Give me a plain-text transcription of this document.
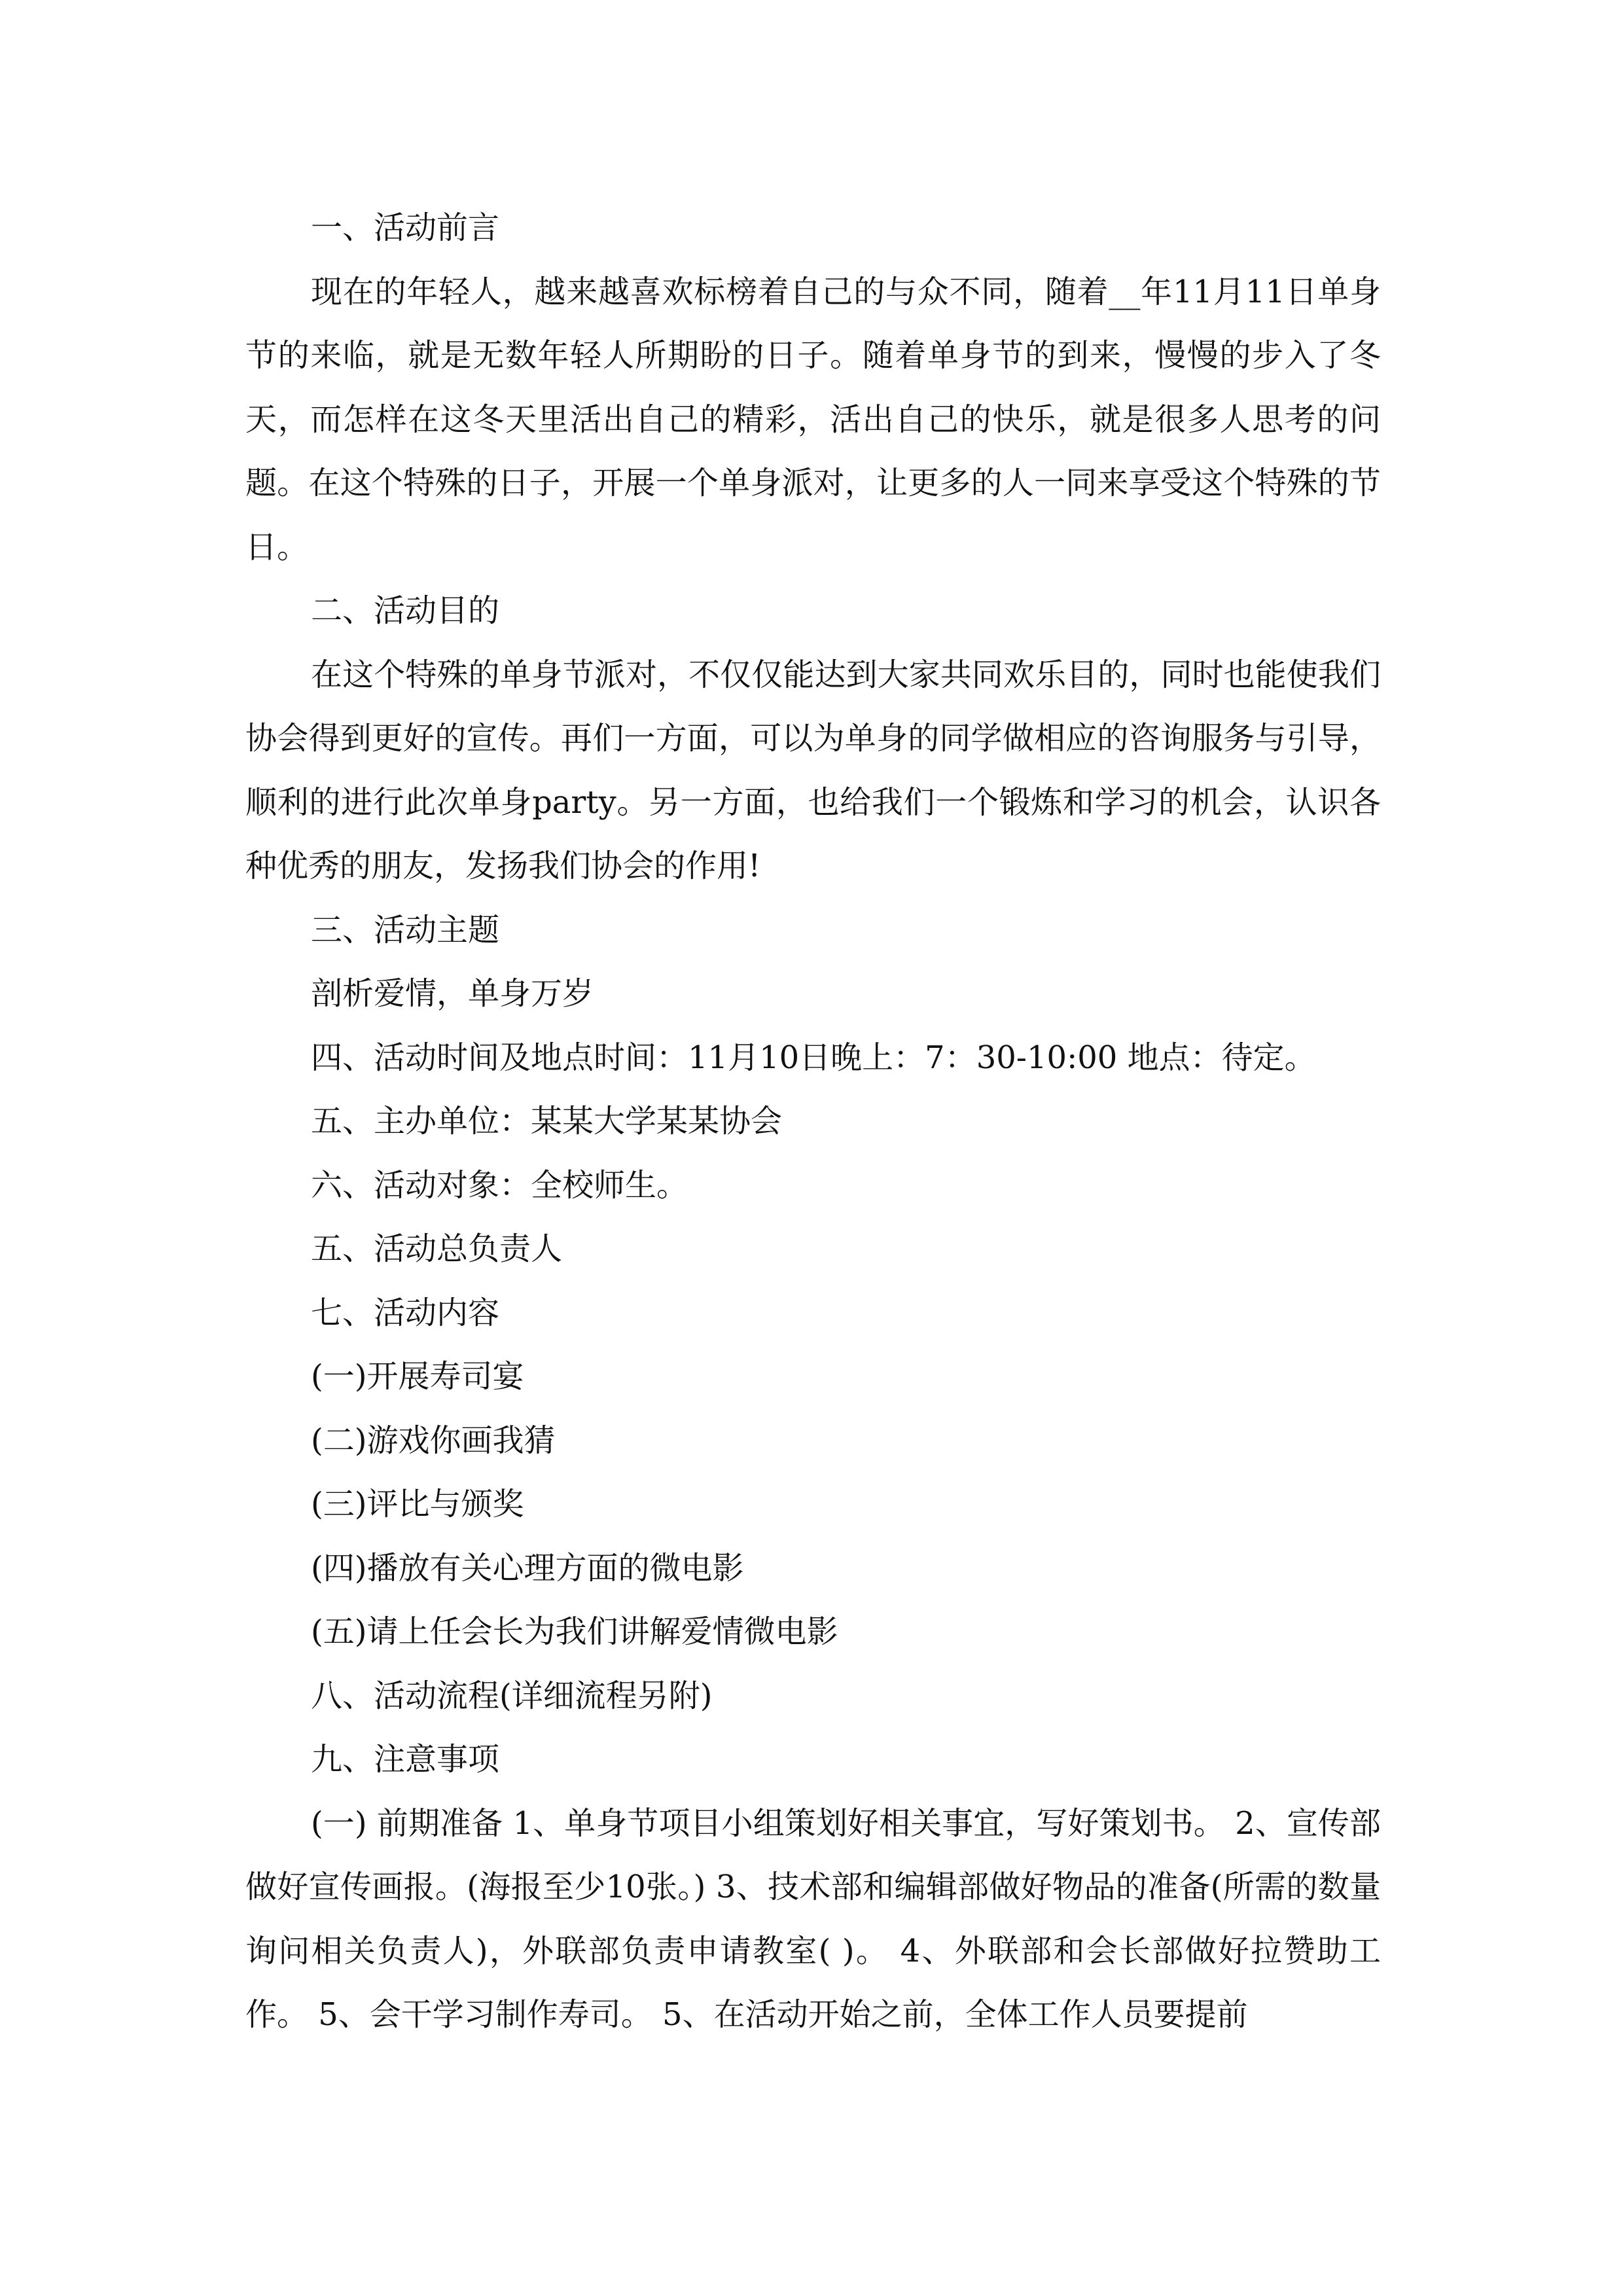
一、活动前言

现在的年轻人，越来越喜欢标榜着自己的与众不同，随着__年11月11日单身节的来临，就是无数年轻人所期盼的日子。随着单身节的到来，慢慢的步入了冬天，而怎样在这冬天里活出自己的精彩，活出自己的快乐，就是很多人思考的问题。在这个特殊的日子，开展一个单身派对，让更多的人一同来享受这个特殊的节日。

二、活动目的

在这个特殊的单身节派对，不仅仅能达到大家共同欢乐目的，同时也能使我们协会得到更好的宣传。再们一方面，可以为单身的同学做相应的咨询服务与引导，顺利的进行此次单身party。另一方面，也给我们一个锻炼和学习的机会，认识各种优秀的朋友，发扬我们协会的作用!

三、活动主题

剖析爱情，单身万岁

四、活动时间及地点时间：11月10日晚上：7：30-10:00 地点：待定。

五、主办单位：某某大学某某协会

六、活动对象：全校师生。

五、活动总负责人

七、活动内容

(一)开展寿司宴

(二)游戏你画我猜

(三)评比与颁奖

(四)播放有关心理方面的微电影

(五)请上任会长为我们讲解爱情微电影

八、活动流程(详细流程另附)

九、注意事项

(一) 前期准备 1、单身节项目小组策划好相关事宜，写好策划书。 2、宣传部做好宣传画报。(海报至少10张。) 3、技术部和编辑部做好物品的准备(所需的数量询问相关负责人)，外联部负责申请教室( )。 4、外联部和会长部做好拉赞助工作。 5、会干学习制作寿司。 5、在活动开始之前，全体工作人员要提前
